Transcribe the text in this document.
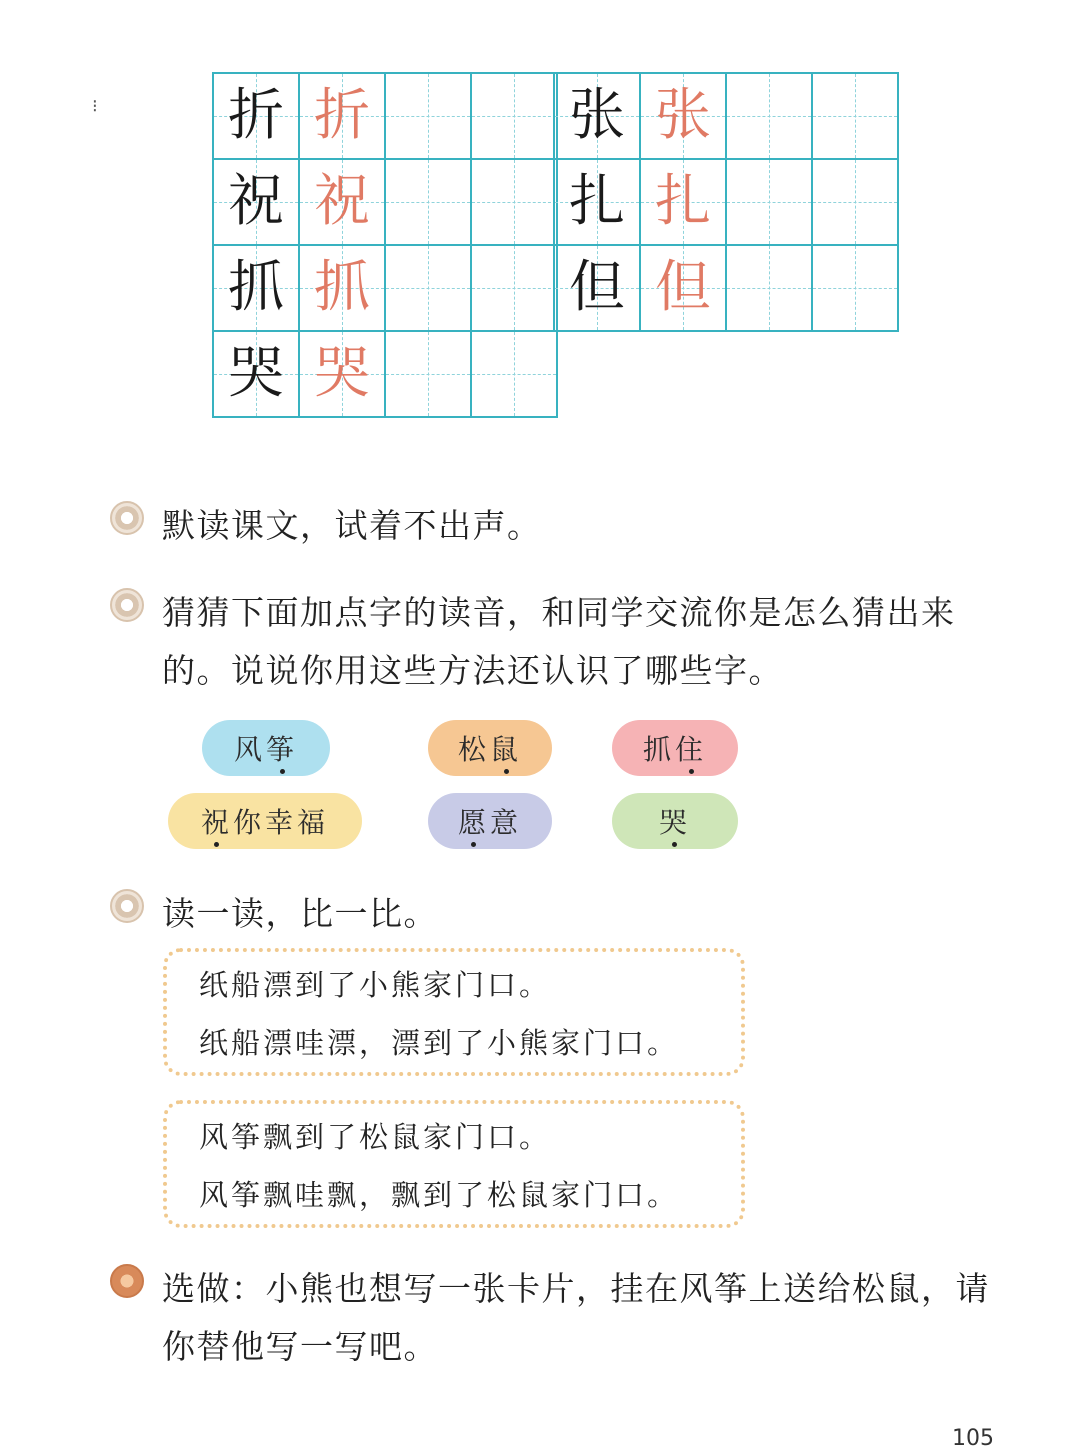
⁝ 折	折		
祝	祝		
抓	抓		
哭	哭		
张	张		
扎	扎		
但	但		
默读课文，试着不出声。
猜猜下面加点字的读音，和同学交流你是怎么猜出来的。说说你用这些方法还认识了哪些字。
风 筝	松 鼠	抓 住
祝 你幸福	愿 意	哭
读一读，比一比。

纸船漂到了小熊家门口。

纸船漂哇漂，漂到了小熊家门口。

风筝飘到了松鼠家门口。

风筝飘哇飘，飘到了松鼠家门口。

选做：小熊也想写一张卡片，挂在风筝上送给松鼠，请你替他写一写吧。
105
